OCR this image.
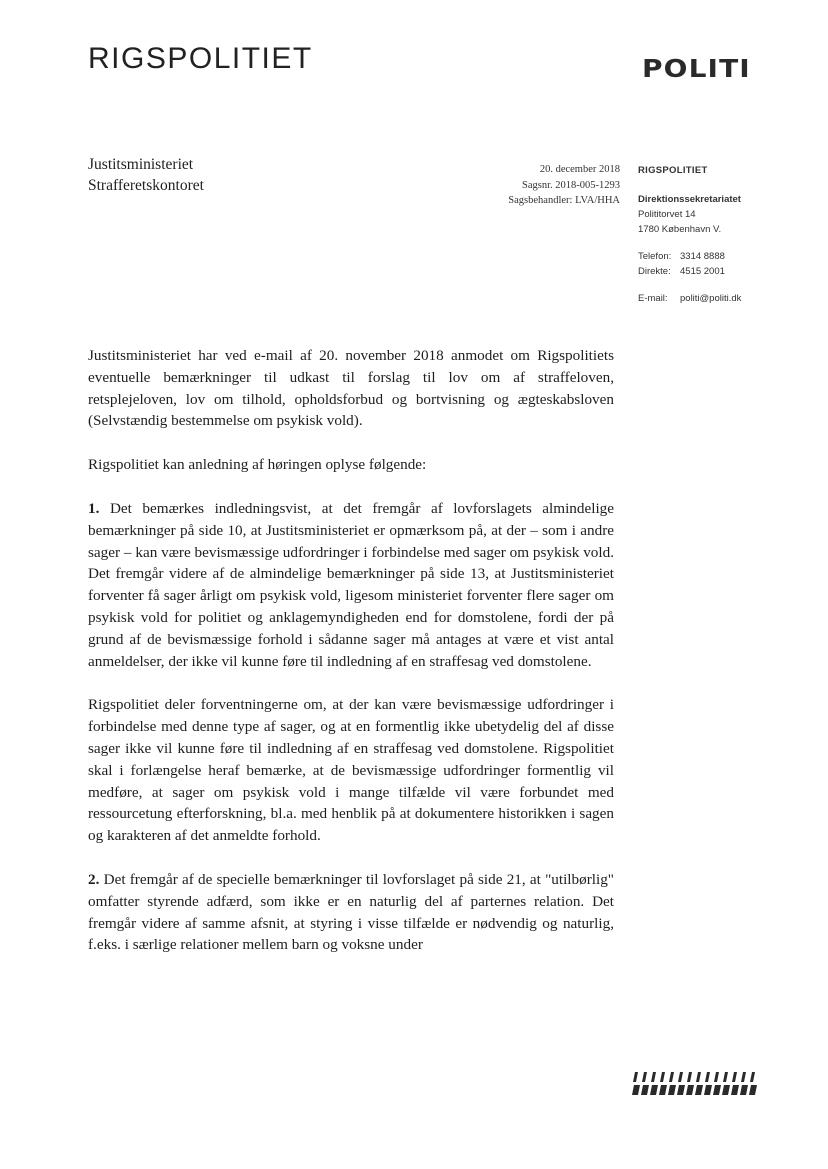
RIGSPOLITIET	POLITI
Justitsministeriet
Strafferetskontoret
20. december 2018
Sagsnr. 2018-005-1293
Sagsbehandler: LVA/HHA
RIGSPOLITIET
Direktionssekretariatet
Polititorvet 14
1780 København V.
Telefon: 3314 8888
Direkte: 4515 2001
E-mail: politi@politi.dk

Justitsministeriet har ved e-mail af 20. november 2018 anmodet om Rigspolitiets eventuelle bemærkninger til udkast til forslag til lov om af straffeloven, retsplejeloven, lov om tilhold, opholdsforbud og bortvisning og ægteskabsloven (Selvstændig bestemmelse om psykisk vold).

Rigspolitiet kan anledning af høringen oplyse følgende:

1. Det bemærkes indledningsvist, at det fremgår af lovforslagets almindelige bemærkninger på side 10, at Justitsministeriet er opmærksom på, at der – som i andre sager – kan være bevismæssige udfordringer i forbindelse med sager om psykisk vold. Det fremgår videre af de almindelige bemærkninger på side 13, at Justitsministeriet forventer få sager årligt om psykisk vold, ligesom ministeriet forventer flere sager om psykisk vold for politiet og anklagemyndigheden end for domstolene, fordi der på grund af de bevismæssige forhold i sådanne sager må antages at være et vist antal anmeldelser, der ikke vil kunne føre til indledning af en straffesag ved domstolene.

Rigspolitiet deler forventningerne om, at der kan være bevismæssige udfordringer i forbindelse med denne type af sager, og at en formentlig ikke ubetydelig del af disse sager ikke vil kunne føre til indledning af en straffesag ved domstolene. Rigspolitiet skal i forlængelse heraf bemærke, at de bevismæssige udfordringer formentlig vil medføre, at sager om psykisk vold i mange tilfælde vil være forbundet med ressourcetung efterforskning, bl.a. med henblik på at dokumentere historikken i sagen og karakteren af det anmeldte forhold.

2. Det fremgår af de specielle bemærkninger til lovforslaget på side 21, at "utilbørlig" omfatter styrende adfærd, som ikke er en naturlig del af parternes relation. Det fremgår videre af samme afsnit, at styring i visse tilfælde er nødvendig og naturlig, f.eks. i særlige relationer mellem barn og voksne under
